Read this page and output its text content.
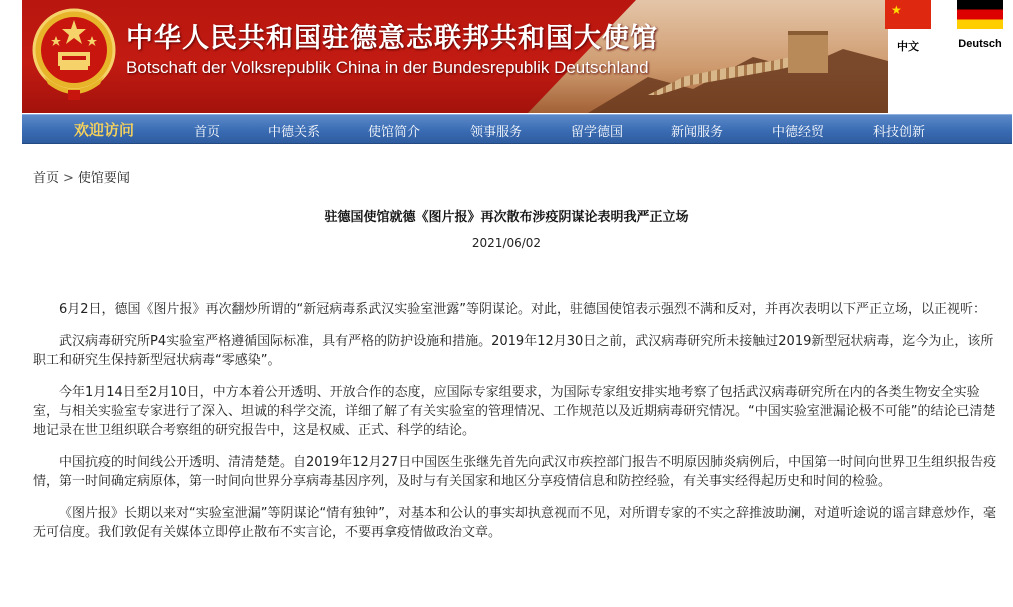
中华人民共和国驻德意志联邦共和国大使馆
Botschaft der Volksrepublik China in der Bundesrepublik Deutschland
★
中文	Deutsch
欢迎访问	首页	中德关系	使馆简介	领事服务	留学德国	新闻服务	中德经贸	科技创新
首页 > 使馆要闻
驻德国使馆就德《图片报》再次散布涉疫阴谋论表明我严正立场
2021/06/02

6月2日，德国《图片报》再次翻炒所谓的“新冠病毒系武汉实验室泄露”等阴谋论。对此，驻德国使馆表示强烈不满和反对，并再次表明以下严正立场，以正视听：

武汉病毒研究所P4实验室严格遵循国际标准，具有严格的防护设施和措施。2019年12月30日之前，武汉病毒研究所未接触过2019新型冠状病毒，迄今为止，该所职工和研究生保持新型冠状病毒“零感染”。

今年1月14日至2月10日，中方本着公开透明、开放合作的态度，应国际专家组要求，为国际专家组安排实地考察了包括武汉病毒研究所在内的各类生物安全实验室，与相关实验室专家进行了深入、坦诚的科学交流，详细了解了有关实验室的管理情况、工作规范以及近期病毒研究情况。“中国实验室泄漏论极不可能”的结论已清楚地记录在世卫组织联合考察组的研究报告中，这是权威、正式、科学的结论。

中国抗疫的时间线公开透明、清清楚楚。自2019年12月27日中国医生张继先首先向武汉市疾控部门报告不明原因肺炎病例后，中国第一时间向世界卫生组织报告疫情，第一时间确定病原体，第一时间向世界分享病毒基因序列，及时与有关国家和地区分享疫情信息和防控经验，有关事实经得起历史和时间的检验。

《图片报》长期以来对“实验室泄漏”等阴谋论“情有独钟”，对基本和公认的事实却执意视而不见，对所谓专家的不实之辞推波助澜，对道听途说的谣言肆意炒作，毫无可信度。我们敦促有关媒体立即停止散布不实言论，不要再拿疫情做政治文章。
